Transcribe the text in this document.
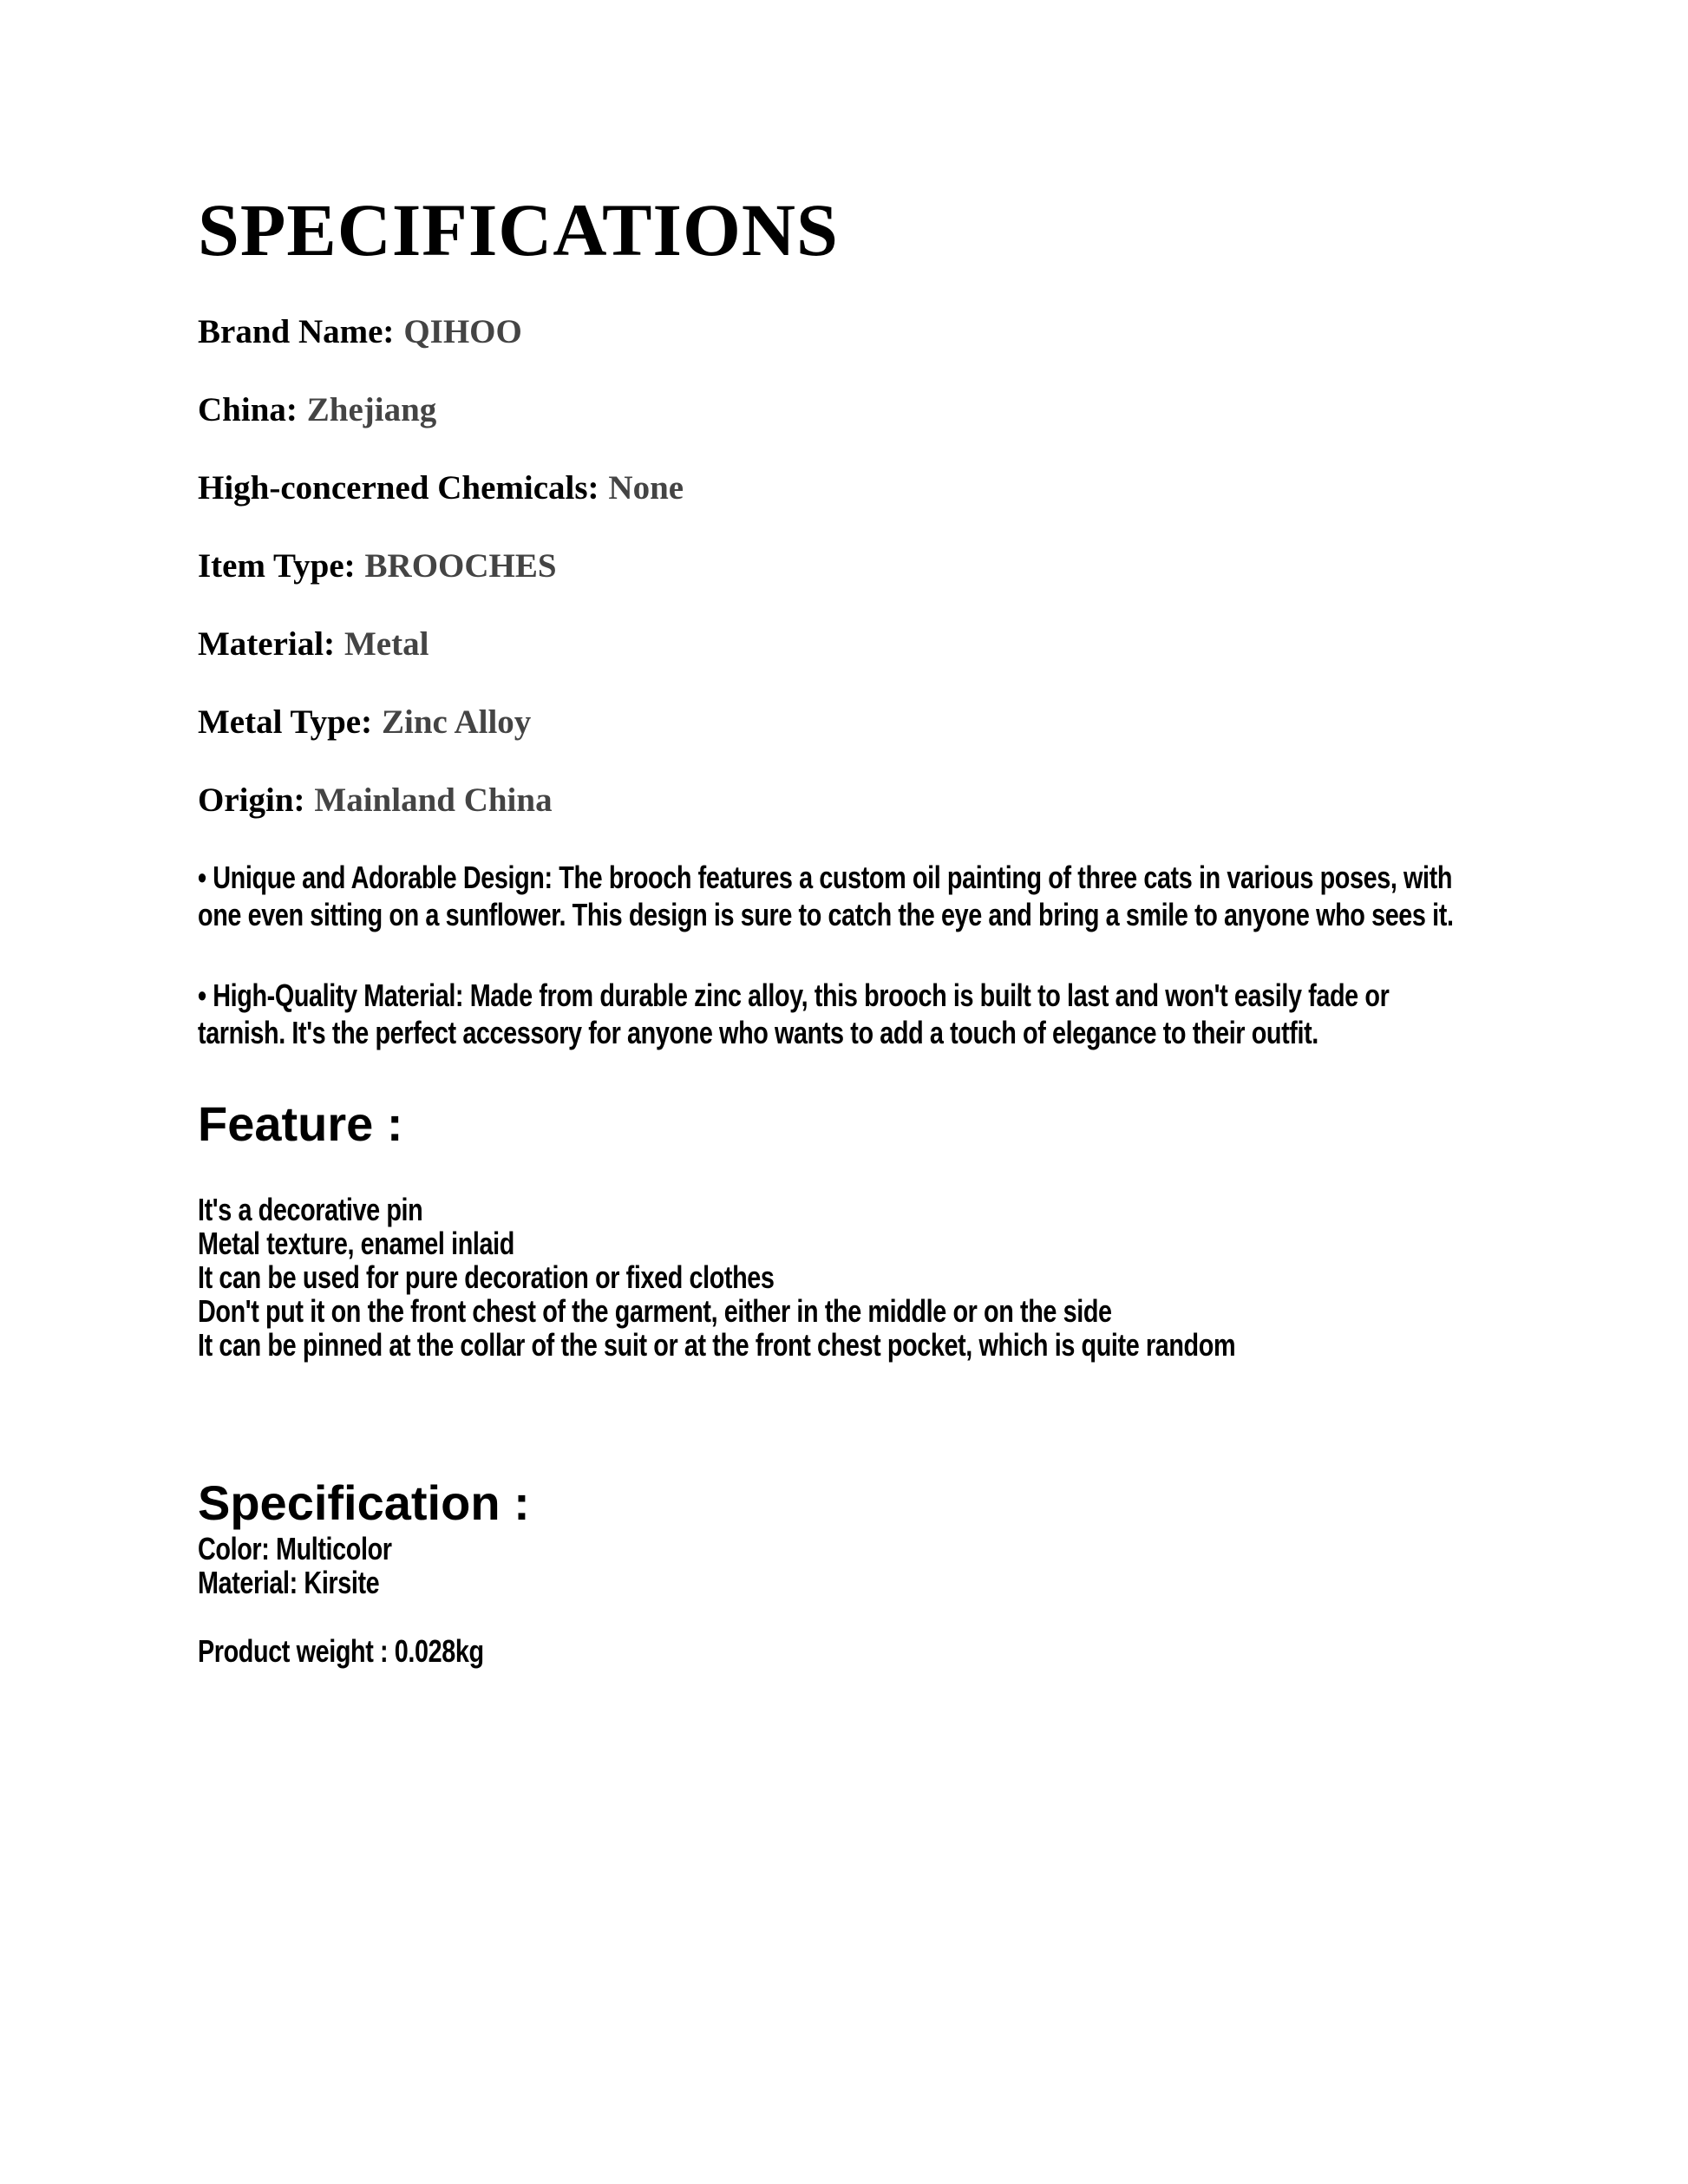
SPECIFICATIONS

Brand Name: QIHOO

China: Zhejiang

High-concerned Chemicals: None

Item Type: BROOCHES

Material: Metal

Metal Type: Zinc Alloy

Origin: Mainland China

• Unique and Adorable Design: The brooch features a custom oil painting of three cats in various poses, with one even sitting on a sunflower. This design is sure to catch the eye and bring a smile to anyone who sees it.

• High-Quality Material: Made from durable zinc alloy, this brooch is built to last and won't easily fade or tarnish. It's the perfect accessory for anyone who wants to add a touch of elegance to their outfit.

Feature :
It's a decorative pin
Metal texture, enamel inlaid
It can be used for pure decoration or fixed clothes
Don't put it on the front chest of the garment, either in the middle or on the side
It can be pinned at the collar of the suit or at the front chest pocket, which is quite random
Specification :
Color: Multicolor
Material: Kirsite
Product weight : 0.028kg
